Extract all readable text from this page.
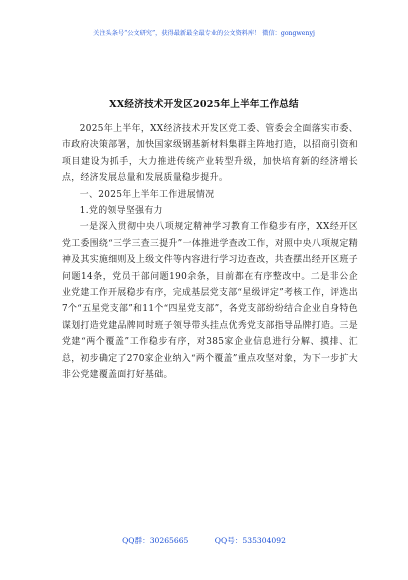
关注头条号“公文研究”，获得最新最全最专业的公文资料库！ 微信：gongwenyj
XX经济技术开发区2025年上半年工作总结

2025年上半年，XX经济技术开发区党工委、管委会全面落实市委、市政府决策部署，加快国家级钢基新材料集群主阵地打造，以招商引资和项目建设为抓手，大力推进传统产业转型升级，加快培育新的经济增长点，经济发展总量和发展质量稳步提升。

一、2025年上半年工作进展情况

1.党的领导坚强有力

一是深入贯彻中央八项规定精神学习教育工作稳步有序，XX经开区党工委围绕“三学三查三提升”一体推进学查改工作，对照中央八项规定精神及其实施细则及上级文件等内容进行学习边查改，共查摆出经开区班子问题14条，党员干部问题190余条，目前都在有序整改中。二是非公企业党建工作开展稳步有序，完成基层党支部“星级评定”考核工作，评选出7个“五星党支部”和11个“四星党支部”，各党支部纷纷结合企业自身特色谋划打造党建品牌同时班子领导带头挂点优秀党支部指导品牌打造。三是党建“两个覆盖”工作稳步有序，对385家企业信息进行分解、摸排、汇总，初步确定了270家企业纳入“两个覆盖”重点攻坚对象，为下一步扩大非公党建覆盖面打好基础。

QQ群：30265665	QQ号：535304092
